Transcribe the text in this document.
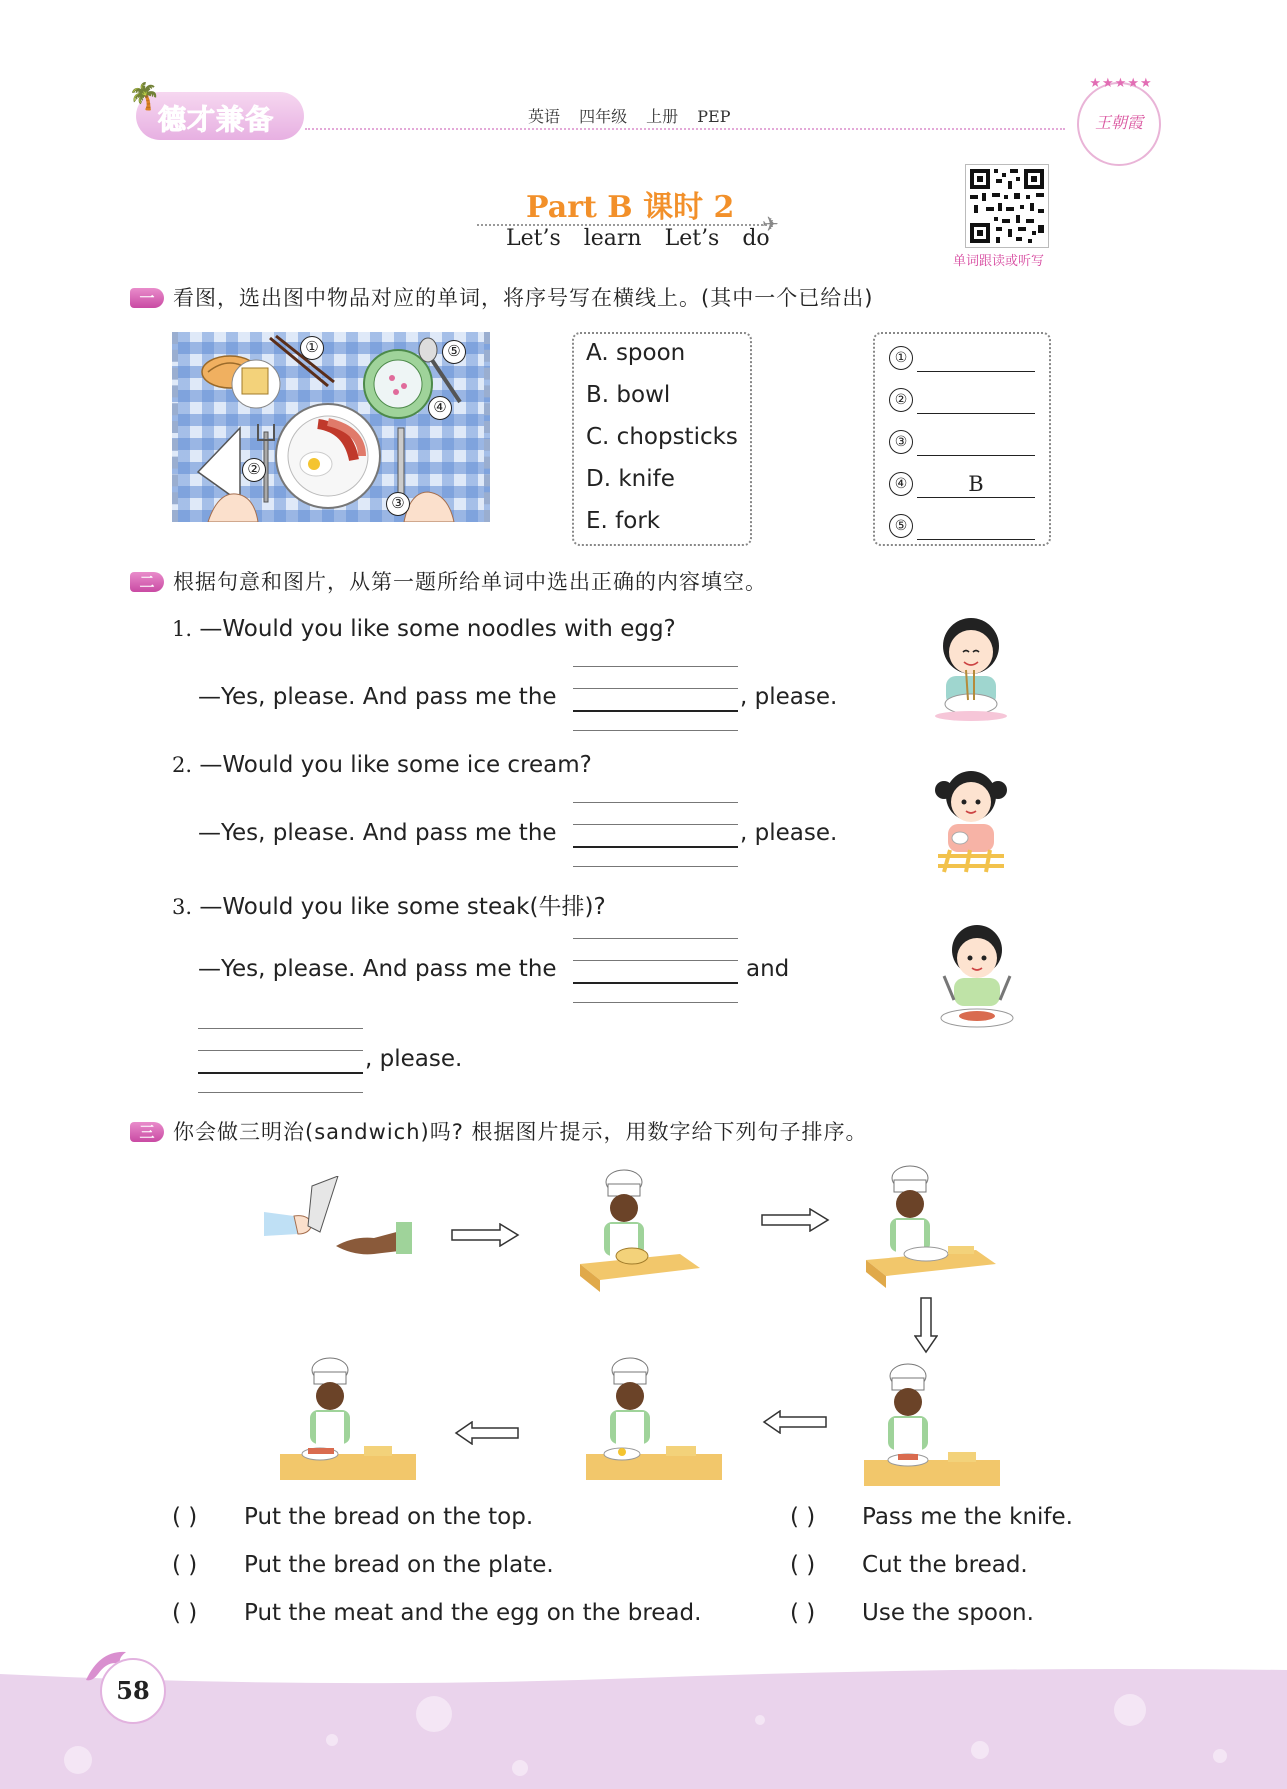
🌴
德才兼备	英语 四年级 上册 PEP
★★★★★
王朝霞
Part B 课时 2 ✈
Let’s learn Let’s do
单词跟读或听写
一 看图，选出图中物品对应的单词，将序号写在横线上。(其中一个已给出)
①
②
③
④
⑤	A. spoon
B. bowl
C. chopsticks
D. knife
E. fork
①
②
③
④	B
⑤
二 根据句意和图片，从第一题所给单词中选出正确的内容填空。
1. —Would you like some noodles with egg?
—Yes, please. And pass me the	, please.
2. —Would you like some ice cream?
—Yes, please. And pass me the	, please.
3. —Would you like some steak(牛排)?
—Yes, please. And pass me the	and
, please.
三 你会做三明治(sandwich)吗? 根据图片提示，用数字给下列句子排序。
( ) Put the bread on the top.
( ) Put the bread on the plate.
( ) Put the meat and the egg on the bread.
( ) Pass me the knife.
( ) Cut the bread.
( ) Use the spoon.
58
